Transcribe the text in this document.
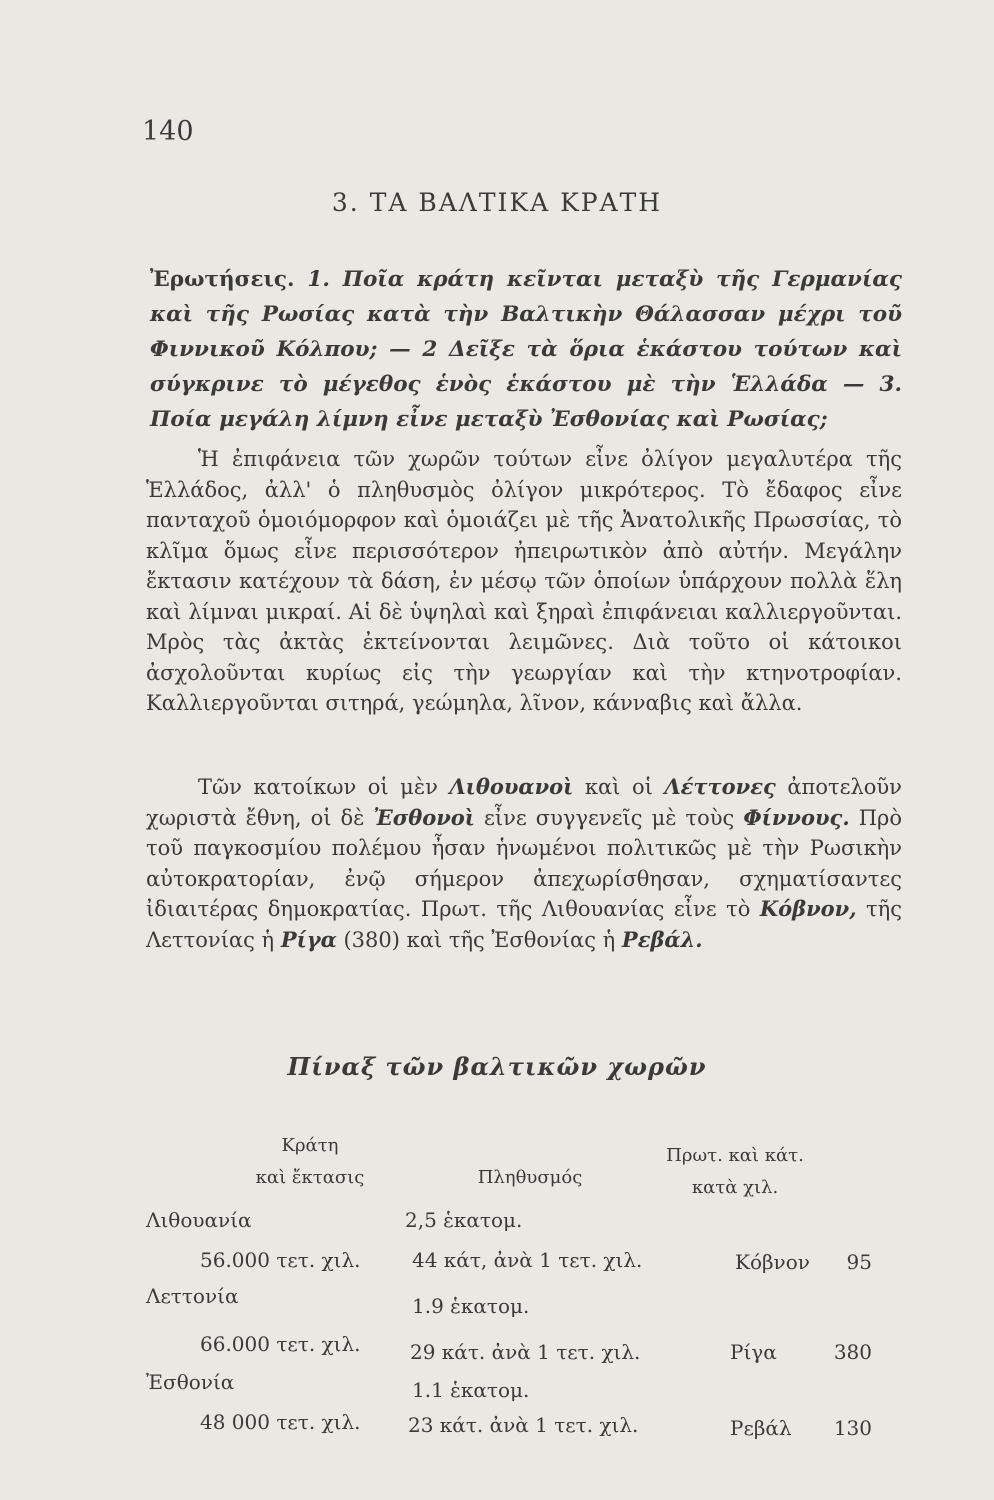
140
3. ΤΑ ΒΑΛΤΙΚΑ ΚΡΑΤΗ
Ἐρωτήσεις. 1. Ποῖα κράτη κεῖνται μεταξὺ τῆς Γερμανίας καὶ τῆς Ρωσίας κατὰ τὴν Βαλτικὴν Θάλασσαν μέχρι τοῦ Φιννικοῦ Κόλπου; — 2 Δεῖξε τὰ ὅρια ἑκάστου τούτων καὶ σύγκρινε τὸ μέγεθος ἑνὸς ἑκάστου μὲ τὴν Ἑλλάδα — 3. Ποία μεγάλη λίμνη εἶνε μεταξὺ Ἐσθονίας καὶ Ρωσίας;
Ἡ ἐπιφάνεια τῶν χωρῶν τούτων εἶνε ὀλίγον μεγαλυτέρα τῆς Ἑλλάδος, ἀλλ' ὁ πληθυσμὸς ὀλίγον μικρότερος. Τὸ ἔδαφος εἶνε πανταχοῦ ὁμοιόμορφον καὶ ὁμοιάζει μὲ τῆς Ἀνατολικῆς Πρωσσίας, τὸ κλῖμα ὅμως εἶνε περισσότερον ἠπειρωτικὸν ἀπὸ αὐτήν. Μεγάλην ἔκτασιν κατέχουν τὰ δάση, ἐν μέσῳ τῶν ὁποίων ὑπάρχουν πολλὰ ἕλη καὶ λίμναι μικραί. Αἱ δὲ ὑψηλαὶ καὶ ξηραὶ ἐπιφάνειαι καλλιεργοῦνται. Μρὸς τὰς ἀκτὰς ἐκτείνονται λειμῶνες. Διὰ τοῦτο οἱ κάτοικοι ἀσχολοῦνται κυρίως εἰς τὴν γεωργίαν καὶ τὴν κτηνοτροφίαν. Καλλιεργοῦνται σιτηρά, γεώμηλα, λῖνον, κάνναβις καὶ ἄλλα.
Τῶν κατοίκων οἱ μὲν Λιθουανοὶ καὶ οἱ Λέττονες ἀποτελοῦν χωριστὰ ἔθνη, οἱ δὲ Ἐσθονοὶ εἶνε συγγενεῖς μὲ τοὺς Φίννους. Πρὸ τοῦ παγκοσμίου πολέμου ἦσαν ἡνωμένοι πολιτικῶς μὲ τὴν Ρωσικὴν αὐτοκρατορίαν, ἐνῷ σήμερον ἀπεχωρίσθησαν, σχηματίσαντες ἰδιαιτέρας δημοκρατίας. Πρωτ. τῆς Λιθουανίας εἶνε τὸ Κόβνον, τῆς Λεττονίας ἡ Ρίγα (380) καὶ τῆς Ἐσθονίας ἡ Ρεβάλ.
Πίναξ τῶν βαλτικῶν χωρῶν
Κράτη
καὶ ἔκτασις	Πληθυσμός
Πρωτ. καὶ κάτ.
κατὰ χιλ.
Λιθουανία	2,5 ἑκατομ.
56.000 τετ. χιλ.	44 κάτ, ἀνὰ 1 τετ. χιλ.	Κόβνον	95
Λεττονία	1.9 ἑκατομ.
66.000 τετ. χιλ. 29 κάτ. ἀνὰ 1 τετ. χιλ.	Ρίγα	380
Ἐσθονία	1.1 ἑκατομ.
48 000 τετ. χιλ. 23 κάτ. ἀνὰ 1 τετ. χιλ.	Ρεβάλ	130
